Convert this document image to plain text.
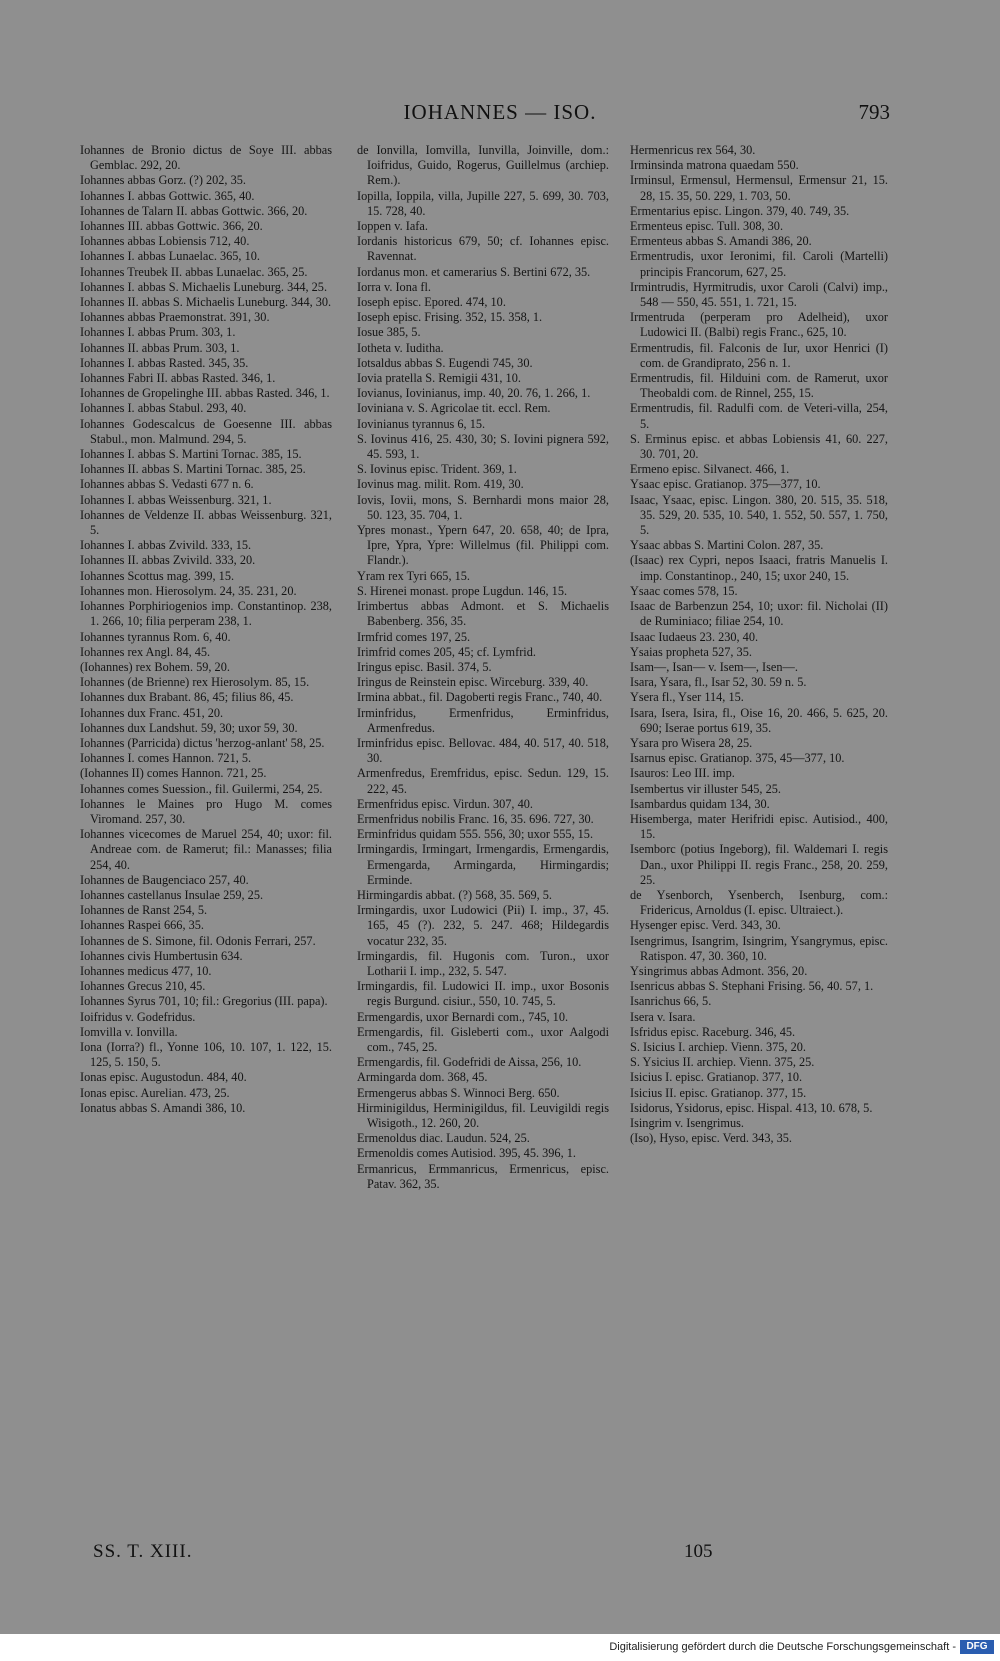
IOHANNES — ISO.	793

Iohannes de Bronio dictus de Soye III. abbas Gemblac. 292, 20.

Iohannes abbas Gorz. (?) 202, 35.

Iohannes I. abbas Gottwic. 365, 40.

Iohannes de Talarn II. abbas Gottwic. 366, 20.

Iohannes III. abbas Gottwic. 366, 20.

Iohannes abbas Lobiensis 712, 40.

Iohannes I. abbas Lunaelac. 365, 10.

Iohannes Treubek II. abbas Lunaelac. 365, 25.

Iohannes I. abbas S. Michaelis Luneburg. 344, 25.

Iohannes II. abbas S. Michaelis Luneburg. 344, 30.

Iohannes abbas Praemonstrat. 391, 30.

Iohannes I. abbas Prum. 303, 1.

Iohannes II. abbas Prum. 303, 1.

Iohannes I. abbas Rasted. 345, 35.

Iohannes Fabri II. abbas Rasted. 346, 1.

Iohannes de Gropelinghe III. abbas Rasted. 346, 1.

Iohannes I. abbas Stabul. 293, 40.

Iohannes Godescalcus de Goesenne III. abbas Stabul., mon. Malmund. 294, 5.

Iohannes I. abbas S. Martini Tornac. 385, 15.

Iohannes II. abbas S. Martini Tornac. 385, 25.

Iohannes abbas S. Vedasti 677 n. 6.

Iohannes I. abbas Weissenburg. 321, 1.

Iohannes de Veldenze II. abbas Weissenburg. 321, 5.

Iohannes I. abbas Zvivild. 333, 15.

Iohannes II. abbas Zvivild. 333, 20.

Iohannes Scottus mag. 399, 15.

Iohannes mon. Hierosolym. 24, 35. 231, 20.

Iohannes Porphiriogenios imp. Constantinop. 238, 1. 266, 10; filia perperam 238, 1.

Iohannes tyrannus Rom. 6, 40.

Iohannes rex Angl. 84, 45.

(Iohannes) rex Bohem. 59, 20.

Iohannes (de Brienne) rex Hierosolym. 85, 15.

Iohannes dux Brabant. 86, 45; filius 86, 45.

Iohannes dux Franc. 451, 20.

Iohannes dux Landshut. 59, 30; uxor 59, 30.

Iohannes (Parricida) dictus 'herzog-anlant' 58, 25.

Iohannes I. comes Hannon. 721, 5.

(Iohannes II) comes Hannon. 721, 25.

Iohannes comes Suession., fil. Guilermi, 254, 25.

Iohannes le Maines pro Hugo M. comes Viromand. 257, 30.

Iohannes vicecomes de Maruel 254, 40; uxor: fil. Andreae com. de Ramerut; fil.: Manasses; filia 254, 40.

Iohannes de Baugenciaco 257, 40.

Iohannes castellanus Insulae 259, 25.

Iohannes de Ranst 254, 5.

Iohannes Raspei 666, 35.

Iohannes de S. Simone, fil. Odonis Ferrari, 257.

Iohannes civis Humbertusin 634.

Iohannes medicus 477, 10.

Iohannes Grecus 210, 45.

Iohannes Syrus 701, 10; fil.: Gregorius (III. papa).

Ioifridus v. Godefridus.

Iomvilla v. Ionvilla.

Iona (Iorra?) fl., Yonne 106, 10. 107, 1. 122, 15. 125, 5. 150, 5.

Ionas episc. Augustodun. 484, 40.

Ionas episc. Aurelian. 473, 25.

Ionatus abbas S. Amandi 386, 10.

de Ionvilla, Iomvilla, Iunvilla, Joinville, dom.: Ioifridus, Guido, Rogerus, Guillelmus (archiep. Rem.).

Iopilla, Ioppila, villa, Jupille 227, 5. 699, 30. 703, 15. 728, 40.

Ioppen v. Iafa.

Iordanis historicus 679, 50; cf. Iohannes episc. Ravennat.

Iordanus mon. et camerarius S. Bertini 672, 35.

Iorra v. Iona fl.

Ioseph episc. Epored. 474, 10.

Ioseph episc. Frising. 352, 15. 358, 1.

Iosue 385, 5.

Iotheta v. Iuditha.

Iotsaldus abbas S. Eugendi 745, 30.

Iovia pratella S. Remigii 431, 10.

Iovianus, Iovinianus, imp. 40, 20. 76, 1. 266, 1.

Ioviniana v. S. Agricolae tit. eccl. Rem.

Iovinianus tyrannus 6, 15.

S. Iovinus 416, 25. 430, 30; S. Iovini pignera 592, 45. 593, 1.

S. Iovinus episc. Trident. 369, 1.

Iovinus mag. milit. Rom. 419, 30.

Iovis, Iovii, mons, S. Bernhardi mons maior 28, 50. 123, 35. 704, 1.

Ypres monast., Ypern 647, 20. 658, 40; de Ipra, Ipre, Ypra, Ypre: Willelmus (fil. Philippi com. Flandr.).

Yram rex Tyri 665, 15.

S. Hirenei monast. prope Lugdun. 146, 15.

Irimbertus abbas Admont. et S. Michaelis Babenberg. 356, 35.

Irmfrid comes 197, 25.

Irimfrid comes 205, 45; cf. Lymfrid.

Iringus episc. Basil. 374, 5.

Iringus de Reinstein episc. Wirceburg. 339, 40.

Irmina abbat., fil. Dagoberti regis Franc., 740, 40.

Irminfridus, Ermenfridus, Erminfridus, Armenfredus.

Irminfridus episc. Bellovac. 484, 40. 517, 40. 518, 30.

Armenfredus, Eremfridus, episc. Sedun. 129, 15. 222, 45.

Ermenfridus episc. Virdun. 307, 40.

Ermenfridus nobilis Franc. 16, 35. 696. 727, 30.

Erminfridus quidam 555. 556, 30; uxor 555, 15.

Irmingardis, Irmingart, Irmengardis, Ermengardis, Ermengarda, Armingarda, Hirmingardis; Erminde.

Hirmingardis abbat. (?) 568, 35. 569, 5.

Irmingardis, uxor Ludowici (Pii) I. imp., 37, 45. 165, 45 (?). 232, 5. 247. 468; Hildegardis vocatur 232, 35.

Irmingardis, fil. Hugonis com. Turon., uxor Lotharii I. imp., 232, 5. 547.

Irmingardis, fil. Ludowici II. imp., uxor Bosonis regis Burgund. cisiur., 550, 10. 745, 5.

Ermengardis, uxor Bernardi com., 745, 10.

Ermengardis, fil. Gisleberti com., uxor Aalgodi com., 745, 25.

Ermengardis, fil. Godefridi de Aissa, 256, 10.

Armingarda dom. 368, 45.

Ermengerus abbas S. Winnoci Berg. 650.

Hirminigildus, Herminigildus, fil. Leuvigildi regis Wisigoth., 12. 260, 20.

Ermenoldus diac. Laudun. 524, 25.

Ermenoldis comes Autisiod. 395, 45. 396, 1.

Ermanricus, Ermmanricus, Ermenricus, episc. Patav. 362, 35.

Hermenricus rex 564, 30.

Irminsinda matrona quaedam 550.

Irminsul, Ermensul, Hermensul, Ermensur 21, 15. 28, 15. 35, 50. 229, 1. 703, 50.

Ermentarius episc. Lingon. 379, 40. 749, 35.

Ermenteus episc. Tull. 308, 30.

Ermenteus abbas S. Amandi 386, 20.

Ermentrudis, uxor Ieronimi, fil. Caroli (Martelli) principis Francorum, 627, 25.

Irmintrudis, Hyrmitrudis, uxor Caroli (Calvi) imp., 548 — 550, 45. 551, 1. 721, 15.

Irmentruda (perperam pro Adelheid), uxor Ludowici II. (Balbi) regis Franc., 625, 10.

Ermentrudis, fil. Falconis de Iur, uxor Henrici (I) com. de Grandiprato, 256 n. 1.

Ermentrudis, fil. Hilduini com. de Ramerut, uxor Theobaldi com. de Rinnel, 255, 15.

Ermentrudis, fil. Radulfi com. de Veteri-villa, 254, 5.

S. Erminus episc. et abbas Lobiensis 41, 60. 227, 30. 701, 20.

Ermeno episc. Silvanect. 466, 1.

Ysaac episc. Gratianop. 375—377, 10.

Isaac, Ysaac, episc. Lingon. 380, 20. 515, 35. 518, 35. 529, 20. 535, 10. 540, 1. 552, 50. 557, 1. 750, 5.

Ysaac abbas S. Martini Colon. 287, 35.

(Isaac) rex Cypri, nepos Isaaci, fratris Manuelis I. imp. Constantinop., 240, 15; uxor 240, 15.

Ysaac comes 578, 15.

Isaac de Barbenzun 254, 10; uxor: fil. Nicholai (II) de Ruminiaco; filiae 254, 10.

Isaac Iudaeus 23. 230, 40.

Ysaias propheta 527, 35.

Isam—, Isan— v. Isem—, Isen—.

Isara, Ysara, fl., Isar 52, 30. 59 n. 5.

Ysera fl., Yser 114, 15.

Isara, Isera, Isira, fl., Oise 16, 20. 466, 5. 625, 20. 690; Iserae portus 619, 35.

Ysara pro Wisera 28, 25.

Isarnus episc. Gratianop. 375, 45—377, 10.

Isauros: Leo III. imp.

Isembertus vir illuster 545, 25.

Isambardus quidam 134, 30.

Hisemberga, mater Herifridi episc. Autisiod., 400, 15.

Isemborc (potius Ingeborg), fil. Waldemari I. regis Dan., uxor Philippi II. regis Franc., 258, 20. 259, 25.

de Ysenborch, Ysenberch, Isenburg, com.: Fridericus, Arnoldus (I. episc. Ultraiect.).

Hysenger episc. Verd. 343, 30.

Isengrimus, Isangrim, Isingrim, Ysangrymus, episc. Ratispon. 47, 30. 360, 10.

Ysingrimus abbas Admont. 356, 20.

Isenricus abbas S. Stephani Frising. 56, 40. 57, 1.

Isanrichus 66, 5.

Isera v. Isara.

Isfridus episc. Raceburg. 346, 45.

S. Isicius I. archiep. Vienn. 375, 20.

S. Ysicius II. archiep. Vienn. 375, 25.

Isicius I. episc. Gratianop. 377, 10.

Isicius II. episc. Gratianop. 377, 15.

Isidorus, Ysidorus, episc. Hispal. 413, 10. 678, 5.

Isingrim v. Isengrimus.

(Iso), Hyso, episc. Verd. 343, 35.

SS. T. XIII.	105
Digitalisierung gefördert durch die Deutsche Forschungsgemeinschaft -	DFG
